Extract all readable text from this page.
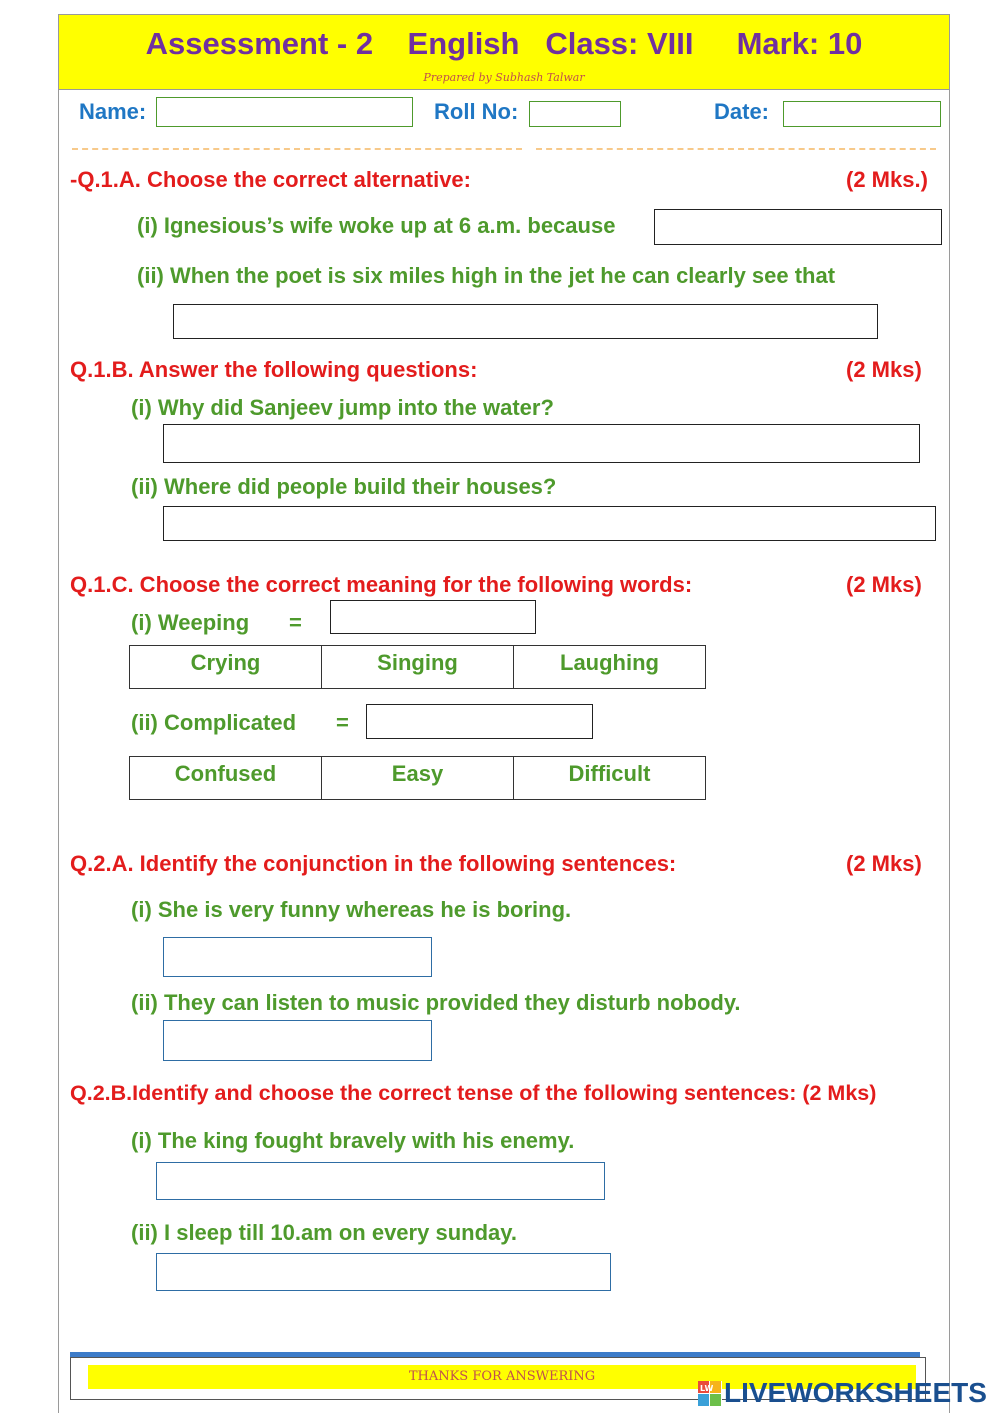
Assessment - 2    English   Class: VIII     Mark: 10
Prepared by Subhash Talwar
Name:	Roll No:	Date:
-Q.1.A. Choose the correct alternative:	(2 Mks.)
(i) Ignesious’s wife woke up at 6 a.m. because
(ii) When the poet is six miles high in the jet he can clearly see that
Q.1.B. Answer the following questions:	(2 Mks)
(i) Why did Sanjeev jump into the water?
(ii) Where did people build their houses?
Q.1.C. Choose the correct meaning for the following words:	(2 Mks)
(i) Weeping =
Crying	Singing	Laughing
(ii) Complicated =
Confused	Easy	Difficult
Q.2.A. Identify the conjunction in the following sentences:	(2 Mks)
(i) She is very funny whereas he is boring.
(ii) They can listen to music provided they disturb nobody.
Q.2.B.Identify and choose the correct tense of the following sentences: (2 Mks)
(i) The king fought bravely with his enemy.
(ii) I sleep till 10.am on every sunday.
THANKS FOR ANSWERING
LW LIVEWORKSHEETS
